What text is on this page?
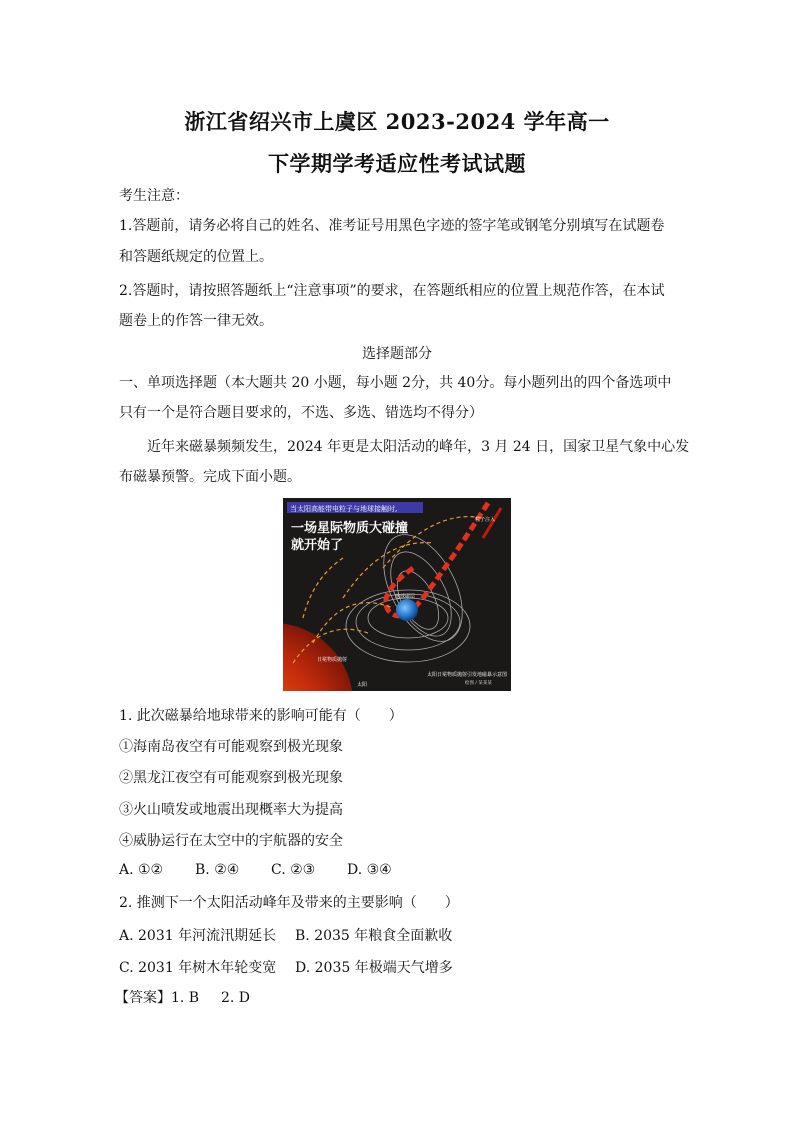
浙江省绍兴市上虞区 2023-2024 学年高一
下学期学考适应性考试试题
考生注意：
1.答题前，请务必将自己的姓名、准考证号用黑色字迹的签字笔或钢笔分别填写在试题卷
和答题纸规定的位置上。
2.答题时，请按照答题纸上“注意事项”的要求，在答题纸相应的位置上规范作答，在本试
题卷上的作答一律无效。
选择题部分
一、单项选择题（本大题共 20 小题，每小题 2分，共 40分。每小题列出的四个备选项中
只有一个是符合题目要求的，不选、多选、错选均不得分）
近年来磁暴频频发生，2024 年更是太阳活动的峰年，3 月 24 日，国家卫星气象中心发
布磁暴预警。完成下面小题。
当太阳高能带电粒子与地球接触时,
一场星际物质大碰撞
就开始了
粒子注入
地球磁层
日冕物质抛射
太阳
太阳日冕物质抛射引发地磁暴示意图
绘图 / 某某某
1. 此次磁暴给地球带来的影响可能有（　　）
①海南岛夜空有可能观察到极光现象
②黑龙江夜空有可能观察到极光现象
③火山喷发或地震出现概率大为提高
④威胁运行在太空中的宇航器的安全
A. ①② B. ②④ C. ②③ D. ③④
2. 推测下一个太阳活动峰年及带来的主要影响（　　）
A. 2031 年河流汛期延长 B. 2035 年粮食全面歉收
C. 2031 年树木年轮变宽 D. 2035 年极端天气增多
【答案】1. B 2. D
